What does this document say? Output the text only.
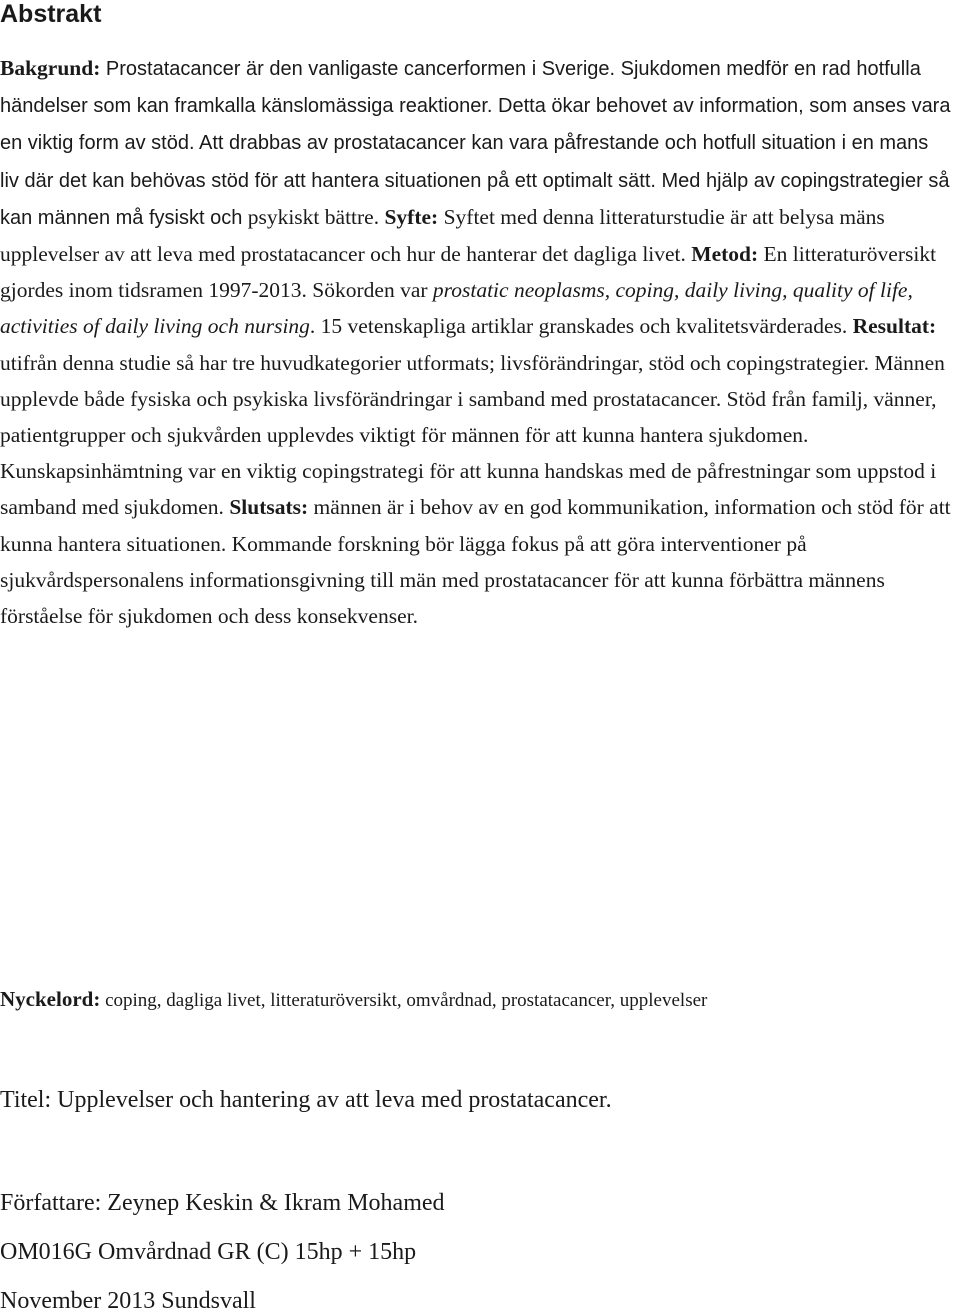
Abstrakt

Bakgrund: Prostatacancer är den vanligaste cancerformen i Sverige. Sjukdomen medför en rad hotfulla händelser som kan framkalla känslomässiga reaktioner. Detta ökar behovet av information, som anses vara en viktig form av stöd. Att drabbas av prostatacancer kan vara påfrestande och hotfull situation i en mans liv där det kan behövas stöd för att hantera situationen på ett optimalt sätt. Med hjälp av copingstrategier så kan männen må fysiskt och psykiskt bättre. Syfte: Syftet med denna litteraturstudie är att belysa mäns upplevelser av att leva med prostatacancer och hur de hanterar det dagliga livet. Metod: En litteraturöversikt gjordes inom tidsramen 1997-2013. Sökorden var prostatic neoplasms, coping, daily living, quality of life, activities of daily living och nursing. 15 vetenskapliga artiklar granskades och kvalitetsvärderades. Resultat: utifrån denna studie så har tre huvudkategorier utformats; livsförändringar, stöd och copingstrategier. Männen upplevde både fysiska och psykiska livsförändringar i samband med prostatacancer. Stöd från familj, vänner, patientgrupper och sjukvården upplevdes viktigt för männen för att kunna hantera sjukdomen. Kunskapsinhämtning var en viktig copingstrategi för att kunna handskas med de påfrestningar som uppstod i samband med sjukdomen. Slutsats: männen är i behov av en god kommunikation, information och stöd för att kunna hantera situationen. Kommande forskning bör lägga fokus på att göra interventioner på sjukvårdspersonalens informationsgivning till män med prostatacancer för att kunna förbättra männens förståelse för sjukdomen och dess konsekvenser.

Nyckelord: coping, dagliga livet, litteraturöversikt, omvårdnad, prostatacancer, upplevelser

Titel: Upplevelser och hantering av att leva med prostatacancer.

Författare: Zeynep Keskin & Ikram Mohamed

OM016G Omvårdnad GR (C) 15hp + 15hp

November 2013 Sundsvall
